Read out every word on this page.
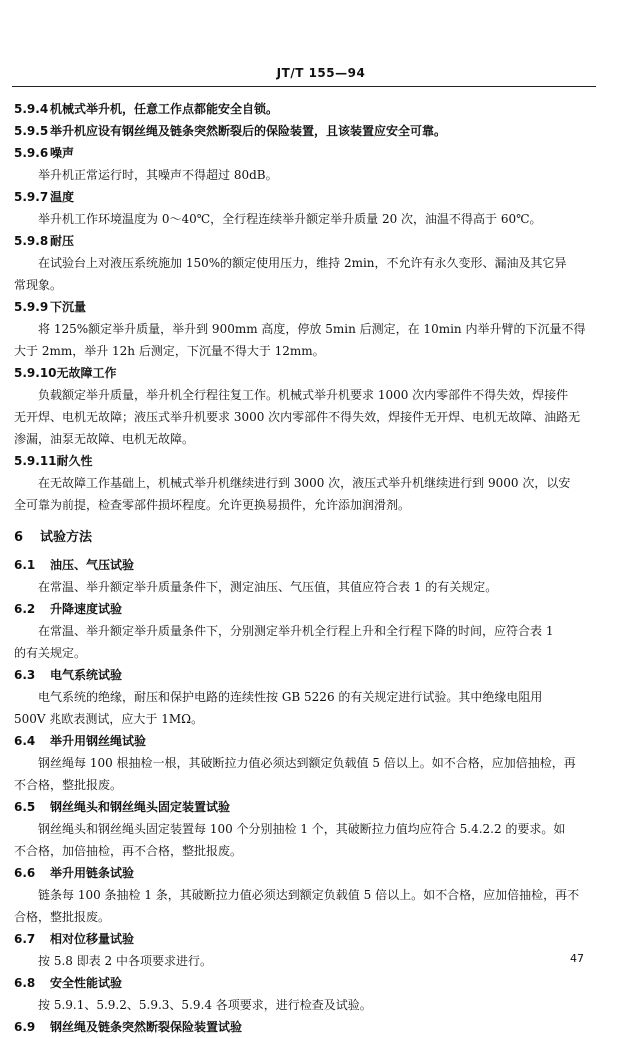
JT/T 155—94
5.9.4 机械式举升机，任意工作点都能安全自锁。
5.9.5 举升机应设有钢丝绳及链条突然断裂后的保险装置，且该装置应安全可靠。
5.9.6 噪声
举升机正常运行时，其噪声不得超过 80dB。
5.9.7 温度
举升机工作环境温度为 0～40℃，全行程连续举升额定举升质量 20 次，油温不得高于 60℃。
5.9.8 耐压
在试验台上对液压系统施加 150%的额定使用压力，维持 2min，不允许有永久变形、漏油及其它异
常现象。
5.9.9 下沉量
将 125%额定举升质量，举升到 900mm 高度，停放 5min 后测定，在 10min 内举升臂的下沉量不得
大于 2mm，举升 12h 后测定，下沉量不得大于 12mm。
5.9.10无故障工作
负载额定举升质量，举升机全行程往复工作。机械式举升机要求 1000 次内零部件不得失效，焊接件
无开焊、电机无故障；液压式举升机要求 3000 次内零部件不得失效，焊接件无开焊、电机无故障、油路无
渗漏，油泵无故障、电机无故障。
5.9.11耐久性
在无故障工作基础上，机械式举升机继续进行到 3000 次，液压式举升机继续进行到 9000 次，以安
全可靠为前提，检查零部件损坏程度。允许更换易损件，允许添加润滑剂。
6 试验方法
6.1 油压、气压试验
在常温、举升额定举升质量条件下，测定油压、气压值，其值应符合表 1 的有关规定。
6.2 升降速度试验
在常温、举升额定举升质量条件下，分别测定举升机全行程上升和全行程下降的时间，应符合表 1
的有关规定。
6.3 电气系统试验
电气系统的绝缘，耐压和保护电路的连续性按 GB 5226 的有关规定进行试验。其中绝缘电阻用
500V 兆欧表测试，应大于 1MΩ。
6.4 举升用钢丝绳试验
钢丝绳每 100 根抽检一根，其破断拉力值必须达到额定负载值 5 倍以上。如不合格，应加倍抽检，再
不合格，整批报废。
6.5 钢丝绳头和钢丝绳头固定装置试验
钢丝绳头和钢丝绳头固定装置每 100 个分别抽检 1 个，其破断拉力值均应符合 5.4.2.2 的要求。如
不合格，加倍抽检，再不合格，整批报废。
6.6 举升用链条试验
链条每 100 条抽检 1 条，其破断拉力值必须达到额定负载值 5 倍以上。如不合格，应加倍抽检，再不
合格，整批报废。
6.7 相对位移量试验
按 5.8 即表 2 中各项要求进行。
6.8 安全性能试验
按 5.9.1、5.9.2、5.9.3、5.9.4 各项要求，进行检查及试验。
6.9 钢丝绳及链条突然断裂保险装置试验
47
